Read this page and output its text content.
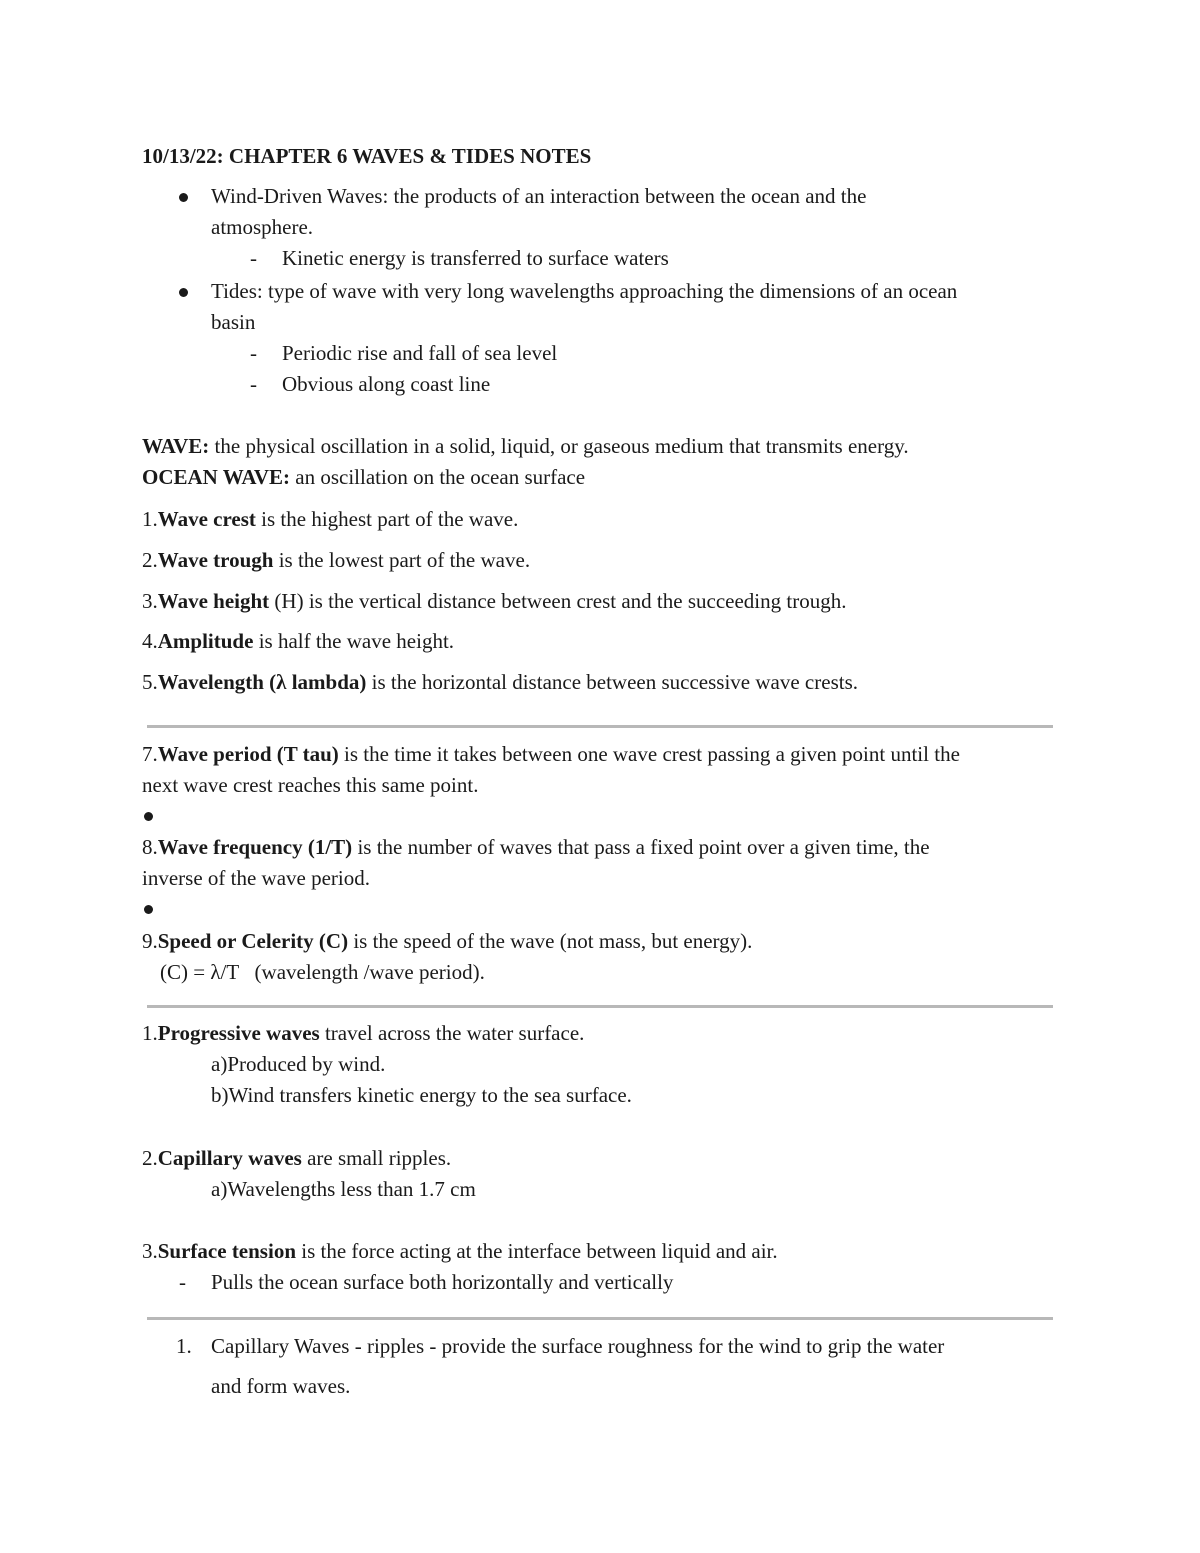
10/13/22: CHAPTER 6 WAVES & TIDES NOTES
Wind-Driven Waves: the products of an interaction between the ocean and the
atmosphere.
- Kinetic energy is transferred to surface waters
Tides: type of wave with very long wavelengths approaching the dimensions of an ocean
basin
- Periodic rise and fall of sea level
- Obvious along coast line
WAVE: the physical oscillation in a solid, liquid, or gaseous medium that transmits energy.
OCEAN WAVE: an oscillation on the ocean surface
1.Wave crest is the highest part of the wave.
2.Wave trough is the lowest part of the wave.
3.Wave height (H) is the vertical distance between crest and the succeeding trough.
4.Amplitude is half the wave height.
5.Wavelength (λ lambda) is the horizontal distance between successive wave crests.
7.Wave period (T tau) is the time it takes between one wave crest passing a given point until the
next wave crest reaches this same point.
8.Wave frequency (1/T) is the number of waves that pass a fixed point over a given time, the
inverse of the wave period.
9.Speed or Celerity (C) is the speed of the wave (not mass, but energy).
(C) = λ/T   (wavelength /wave period).
1.Progressive waves travel across the water surface.
a)Produced by wind.
b)Wind transfers kinetic energy to the sea surface.
2.Capillary waves are small ripples.
a)Wavelengths less than 1.7 cm
3.Surface tension is the force acting at the interface between liquid and air.
- Pulls the ocean surface both horizontally and vertically
1. Capillary Waves - ripples - provide the surface roughness for the wind to grip the water
and form waves.
